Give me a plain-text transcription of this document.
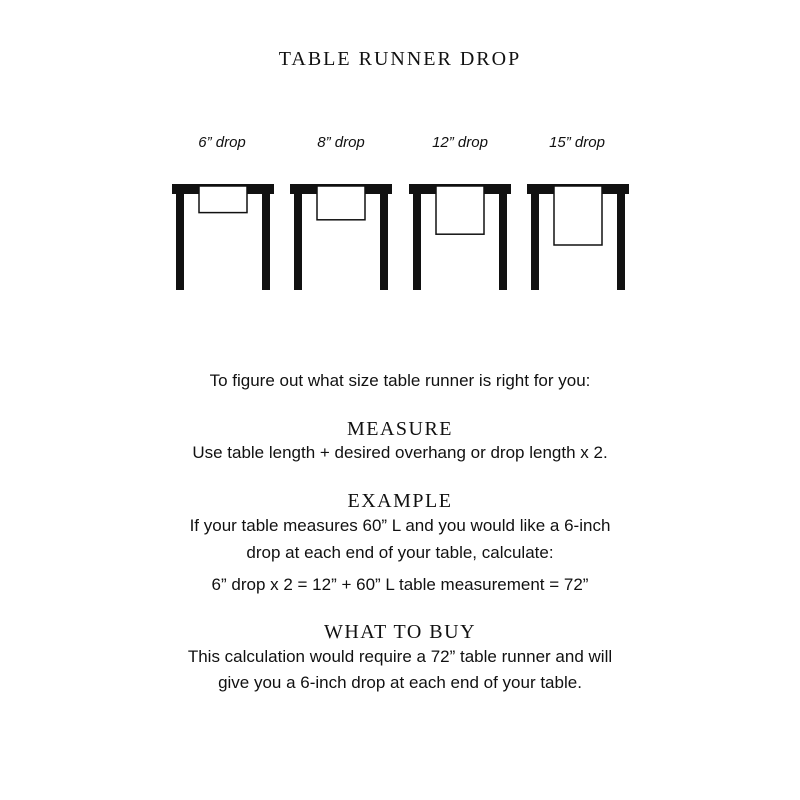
TABLE RUNNER DROP
6” drop	8” drop	12” drop	15” drop
To figure out what size table runner is right for you:
MEASURE
Use table length + desired overhang or drop length x 2.
EXAMPLE
If your table measures 60” L and you would like a 6-inch
drop at each end of your table, calculate:
6” drop x 2 = 12” + 60” L table measurement = 72”
WHAT TO BUY
This calculation would require a 72” table runner and will
give you a 6-inch drop at each end of your table.
